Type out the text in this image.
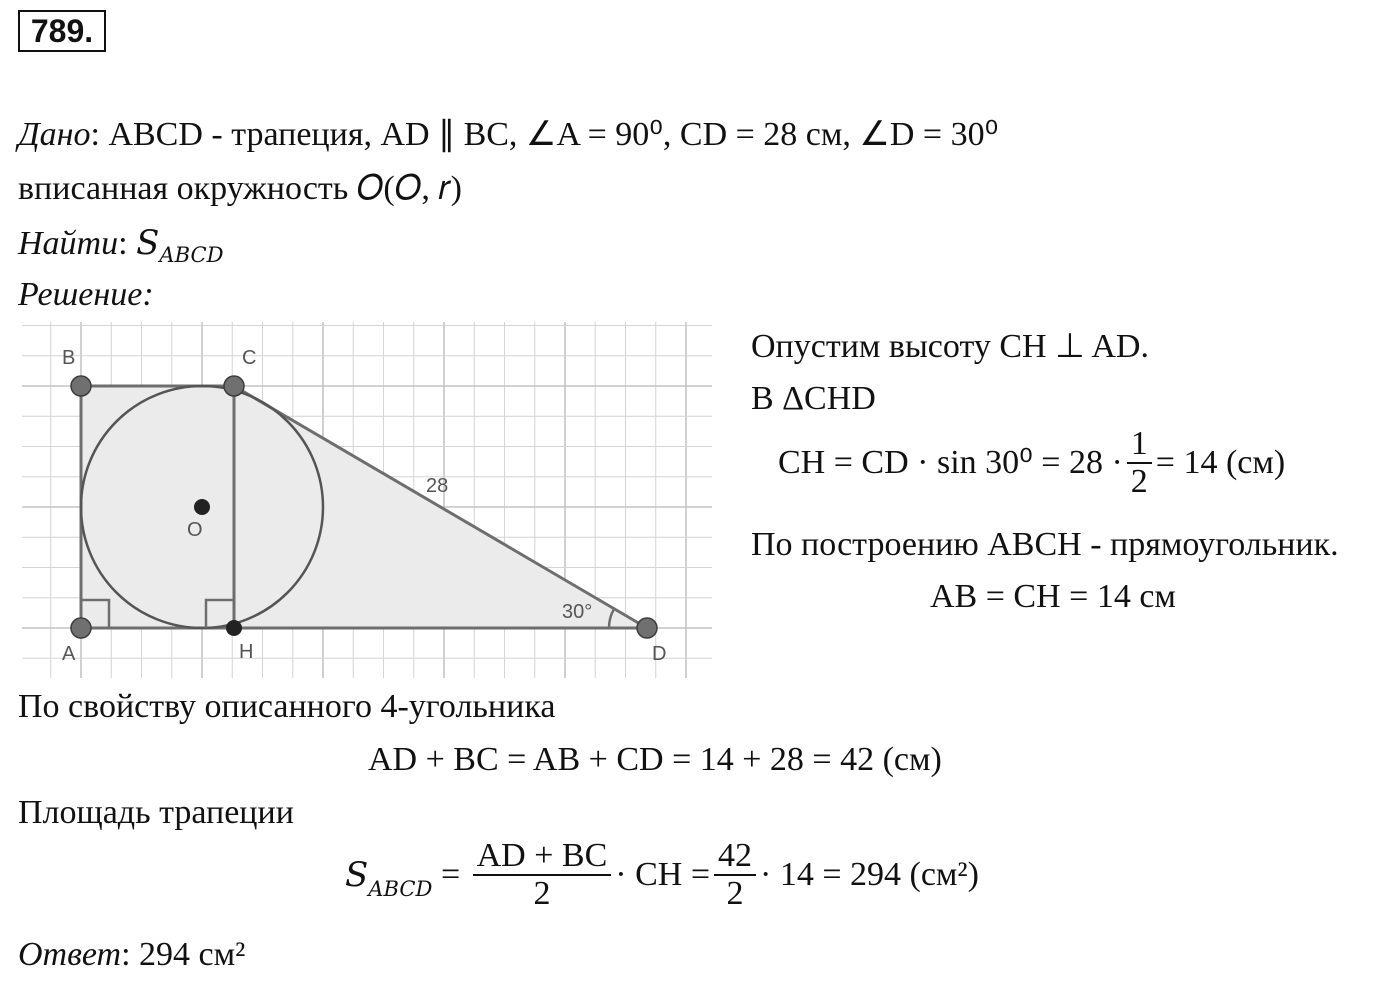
789.
Дано: ABCD - трапеция, AD ∥ BC, ∠A = 90⁰, CD = 28 см, ∠D = 30⁰
вписанная окружность 𝑂(𝑂, 𝑟)
Найти: $S_{ABCD}$
Решение:
B	C
A	H	D
O
28
30°
Опустим высоту CH ⊥ AD.
В ΔCHD
CH = CD · $\sin 30^0 = 28 \cdot \frac{1}{2} = 14$ (см)
По построению ABCH - прямоугольник.
AB = CH = 14 см
По свойству описанного 4-угольника
AD + BC = AB + CD = 14 + 28 = 42 (см)
Площадь трапеции
$S_{ABCD} = \frac{AD + BC}{2}$ · CH = $\frac{42}{2} \cdot 14 = 294$ (см²)
Ответ: 294 см²
